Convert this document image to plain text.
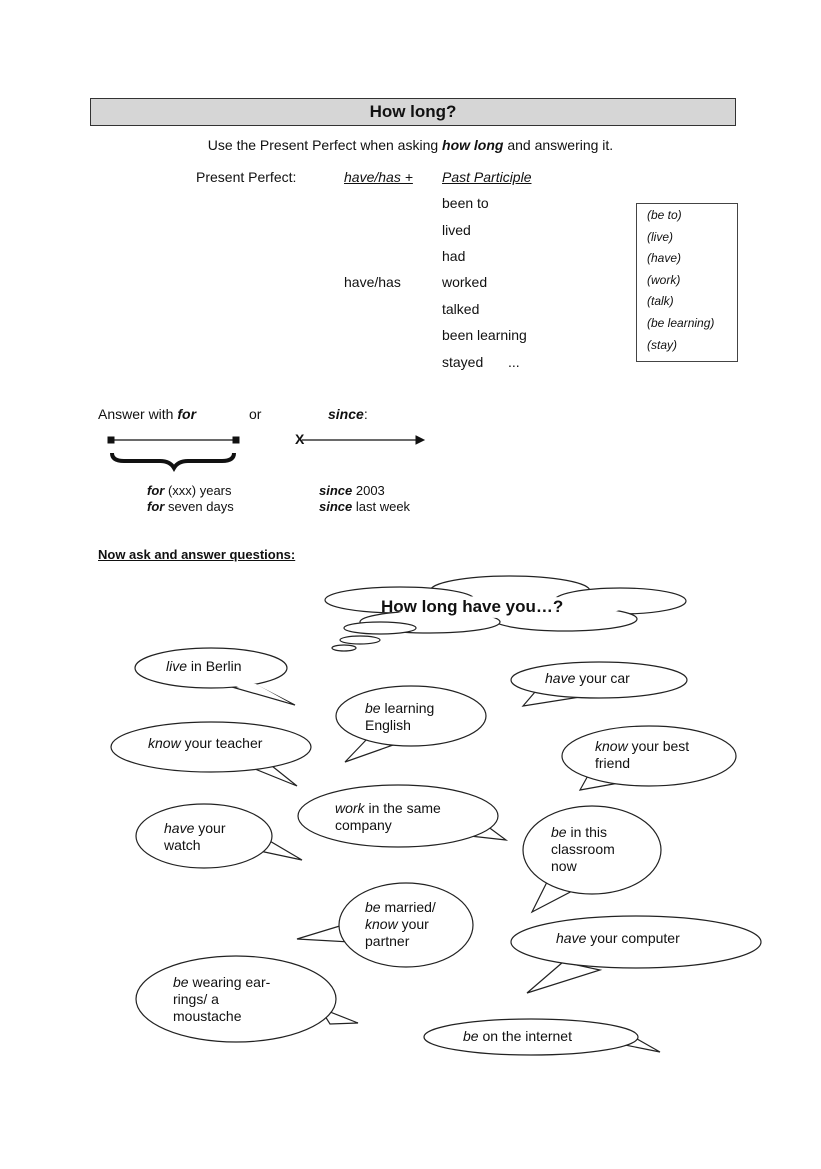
How long?
Use the Present Perfect when asking how long and answering it.
Present Perfect:	have/has + Past Participle
have/has
been to
lived
had
worked
talked
been learning
stayed ...
(be to)
(live)
(have)
(work)
(talk)
(be learning)
(stay)
Answer with for	or	since:
X
for (xxx) years
for seven days
since 2003
since last week
Now ask and answer questions:
How long have you…?
live in Berlin
have your car
be learning English
know your teacher	know your best friend
work in the same company
have your watch
be in this classroom now
be married/
know your partner	have your computer
be wearing ear-rings/ a moustache
be on the internet
